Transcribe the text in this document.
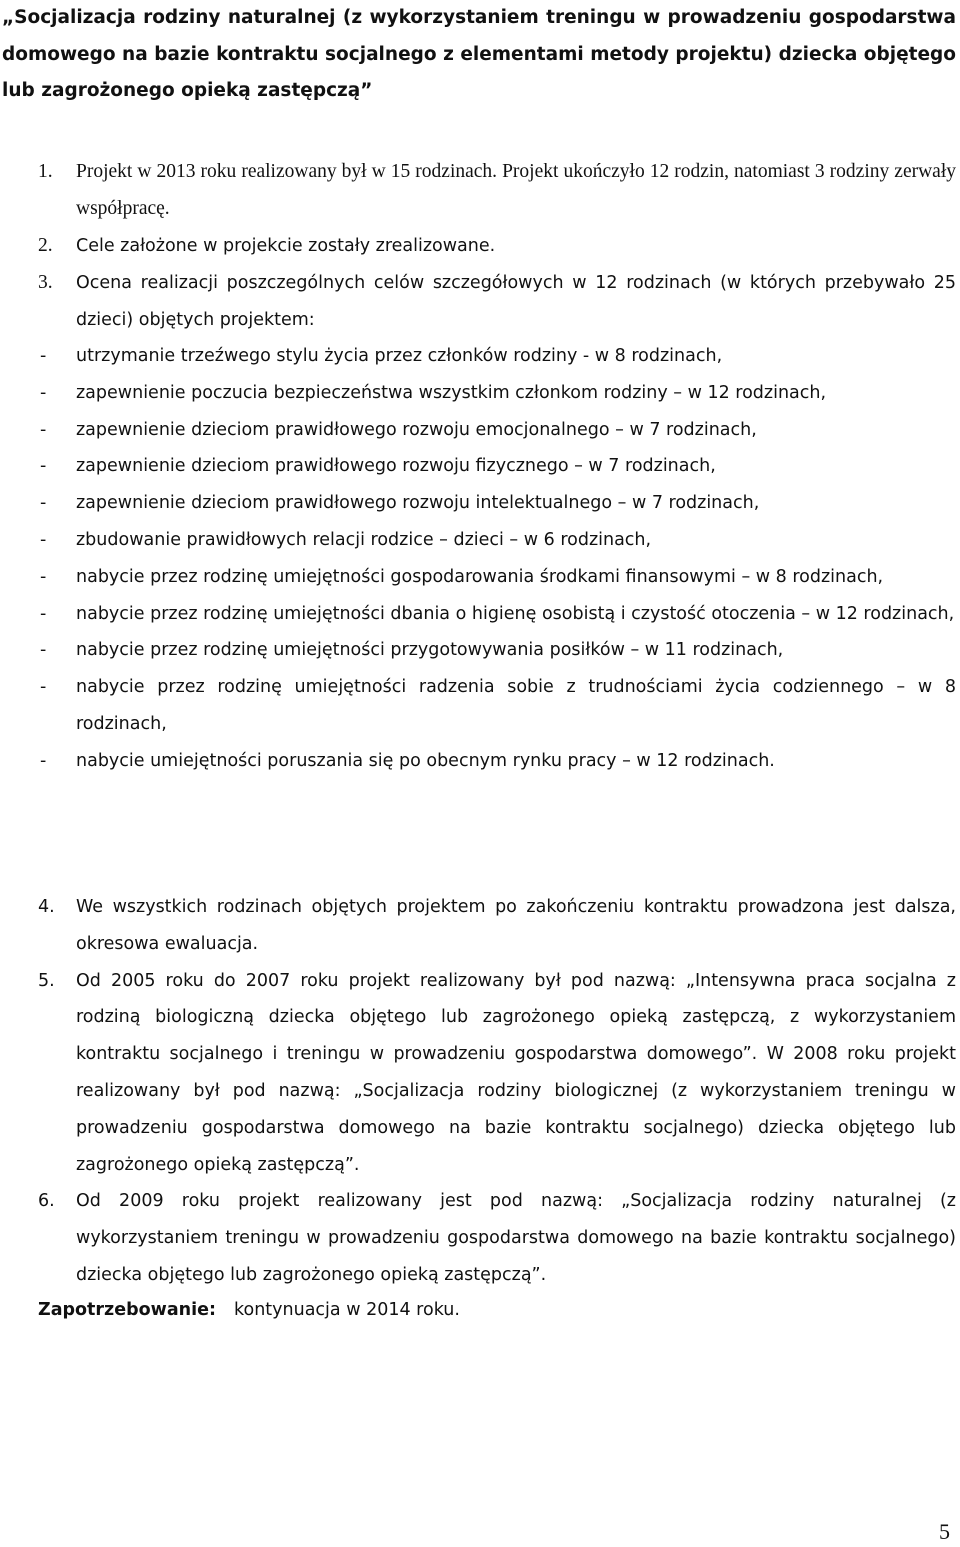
„Socjalizacja rodziny naturalnej (z wykorzystaniem treningu w prowadzeniu gospodarstwa domowego na bazie kontraktu socjalnego z elementami metody projektu) dziecka objętego lub zagrożonego opieką zastępczą”

1. Projekt w 2013 roku realizowany był w 15 rodzinach. Projekt ukończyło 12 rodzin, natomiast 3 rodziny zerwały współpracę.
2. Cele założone w projekcie zostały zrealizowane.
3. Ocena realizacji poszczególnych celów szczegółowych w 12 rodzinach (w których przebywało 25 dzieci) objętych projektem:
- utrzymanie trzeźwego stylu życia przez członków rodziny - w 8 rodzinach,
- zapewnienie poczucia bezpieczeństwa wszystkim członkom rodziny – w 12 rodzinach,
- zapewnienie dzieciom prawidłowego rozwoju emocjonalnego – w 7 rodzinach,
- zapewnienie dzieciom prawidłowego rozwoju fizycznego – w 7 rodzinach,
- zapewnienie dzieciom prawidłowego rozwoju intelektualnego – w 7 rodzinach,
- zbudowanie prawidłowych relacji rodzice – dzieci – w 6 rodzinach,
- nabycie przez rodzinę umiejętności gospodarowania środkami finansowymi – w 8 rodzinach,
- nabycie przez rodzinę umiejętności dbania o higienę osobistą i czystość otoczenia – w 12 rodzinach,
- nabycie przez rodzinę umiejętności przygotowywania posiłków – w 11 rodzinach,
- nabycie przez rodzinę umiejętności radzenia sobie z trudnościami życia codziennego – w 8 rodzinach,
- nabycie umiejętności poruszania się po obecnym rynku pracy – w 12 rodzinach.
4. We wszystkich rodzinach objętych projektem po zakończeniu kontraktu prowadzona jest dalsza, okresowa ewaluacja.
5. Od 2005 roku do 2007 roku projekt realizowany był pod nazwą: „Intensywna praca socjalna z rodziną biologiczną dziecka objętego lub zagrożonego opieką zastępczą, z wykorzystaniem kontraktu socjalnego i treningu w prowadzeniu gospodarstwa domowego”. W 2008 roku projekt realizowany był pod nazwą: „Socjalizacja rodziny biologicznej (z wykorzystaniem treningu w prowadzeniu gospodarstwa domowego na bazie kontraktu socjalnego) dziecka objętego lub zagrożonego opieką zastępczą”.
6. Od 2009 roku projekt realizowany jest pod nazwą: „Socjalizacja rodziny naturalnej (z wykorzystaniem treningu w prowadzeniu gospodarstwa domowego na bazie kontraktu socjalnego) dziecka objętego lub zagrożonego opieką zastępczą”.

Zapotrzebowanie: kontynuacja w 2014 roku.

5
